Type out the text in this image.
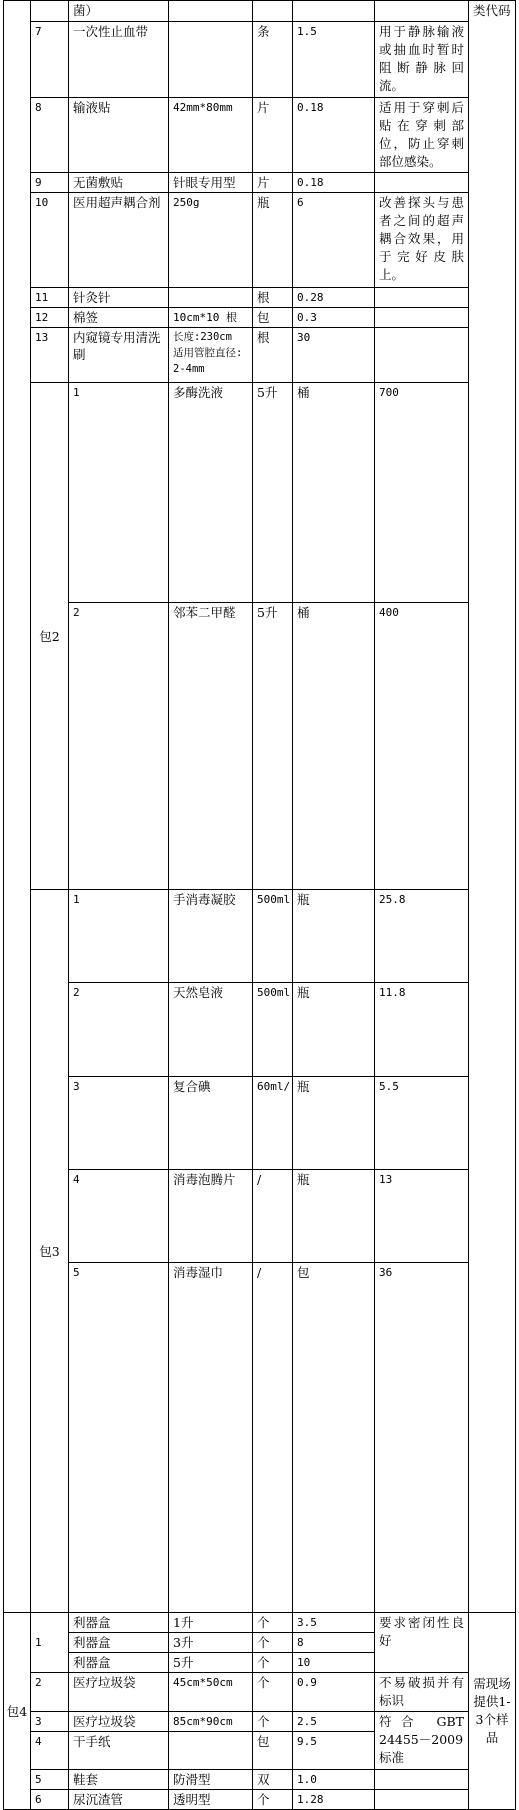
		菌）					类代码	
	7	一次性止血带		条	1.5	用于静脉输液或抽血时暂时阻断静脉回流。		
	8	输液贴	42mm*80mm	片	0.18	适用于穿刺后贴在穿刺部位，防止穿刺部位感染。		
	9	无菌敷贴	针眼专用型	片	0.18			
	10	医用超声耦合剂	250g	瓶	6	改善探头与患者之间的超声耦合效果，用于完好皮肤上。		
	11	针灸针		根	0.28			
	12	棉签	10cm*10 根	包	0.3			
	13	内窥镜专用清洗刷	长度:230cm 适用管腔直径: 2-4mm	根	30			
	包2	1	多酶洗液	5升	桶	700	
		2	邻苯二甲醛	5升	桶	400		
	包3	1	手消毒凝胶	500ml	瓶	25.8	
		2	天然皂液	500ml	瓶	11.8		
		3	复合碘	60ml/	瓶	5.5		
		4	消毒泡腾片	/	瓶	13		
		5	消毒湿巾	/	包	36		
包4	1	利器盒	1升	个	3.5	要求密闭性良好	需现场提供1-3个样品	
		利器盒	3升	个	8			
		利器盒	5升	个	10			
	2	医疗垃圾袋	45cm*50cm	个	0.9	不易破损并有标识		
	3	医疗垃圾袋	85cm*90cm	个	2.5	符合 GBT 24455－2009 标准		
	4	干手纸		包	9.5			
	5	鞋套	防滑型	双	1.0			
	6	尿沉渣管	透明型	个	1.28			
